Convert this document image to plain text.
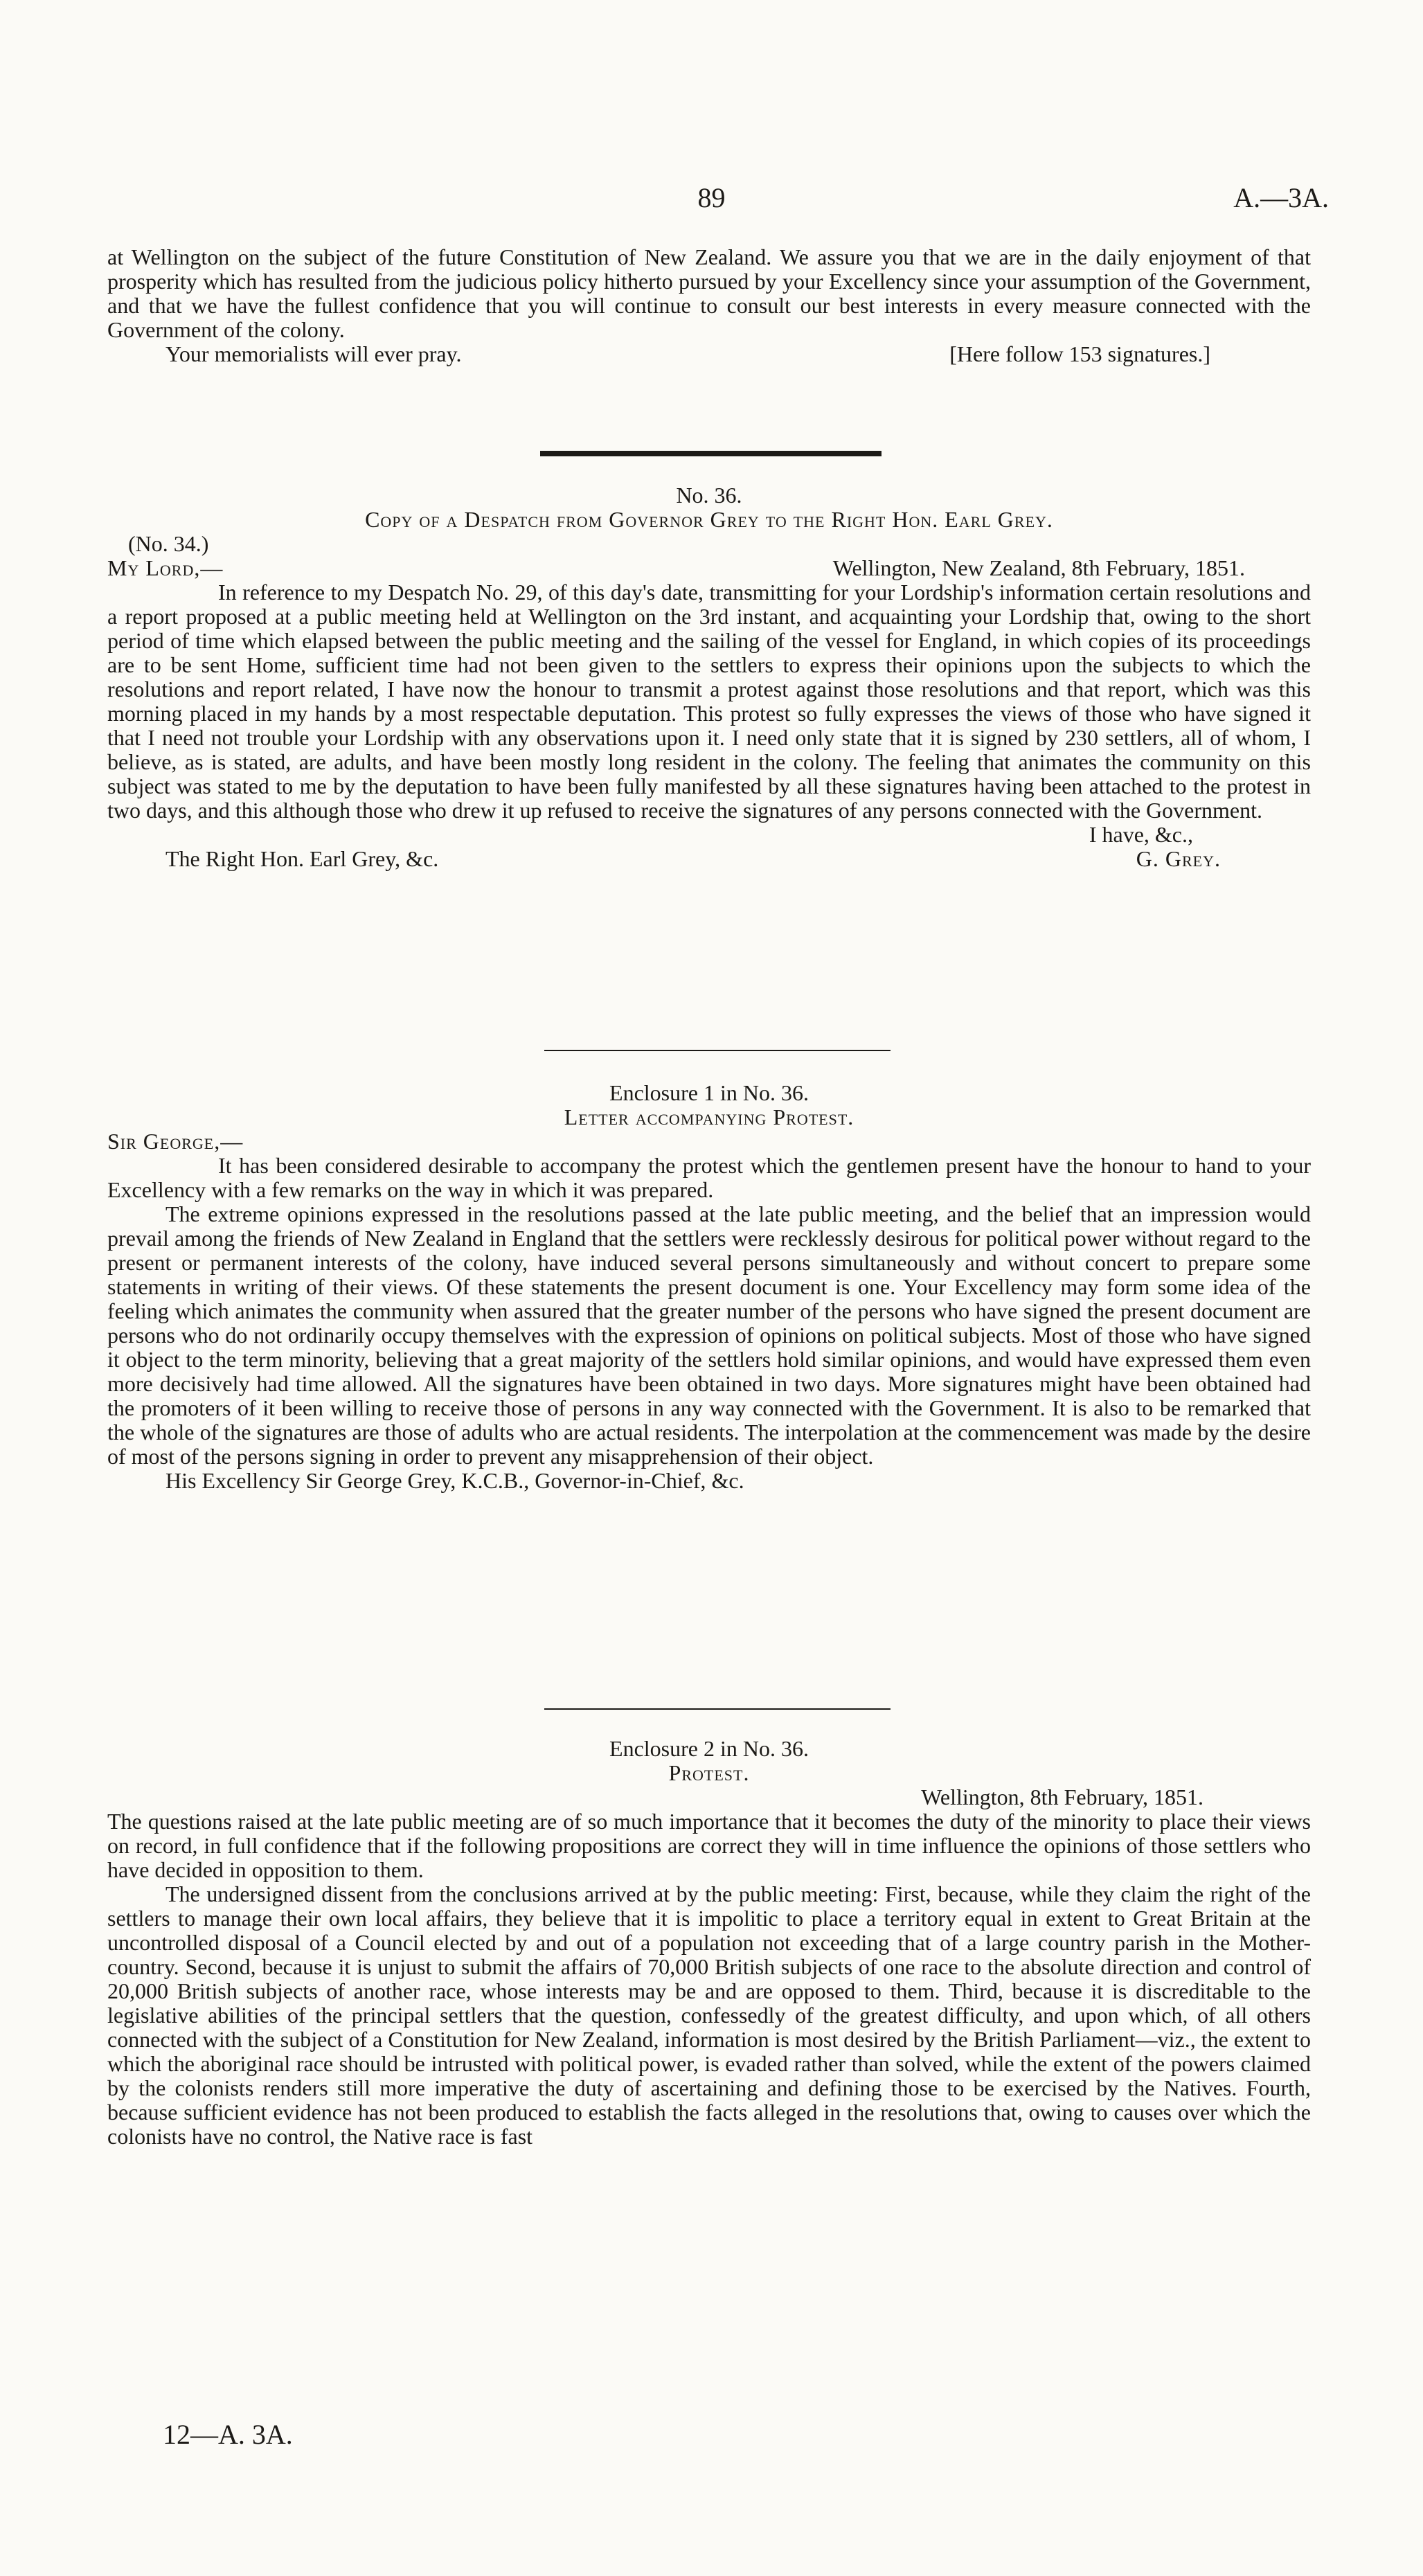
89	A.—3A.

at Wellington on the subject of the future Constitution of New Zealand. We assure you that we are in the daily enjoyment of that prosperity which has resulted from the judicious policy hitherto pursued by your Excellency since your assumption of the Government, and that we have the fullest confidence that you will continue to consult our best interests in every measure connected with the Government of the colony.

Your memorialists will ever pray.	[Here follow 153 signatures.]

No. 36.

Copy of a Despatch from Governor Grey to the Right Hon. Earl Grey.

(No. 34.)

My Lord,—	Wellington, New Zealand, 8th February, 1851.

In reference to my Despatch No. 29, of this day's date, transmitting for your Lordship's information certain resolutions and a report proposed at a public meeting held at Wellington on the 3rd instant, and acquainting your Lordship that, owing to the short period of time which elapsed between the public meeting and the sailing of the vessel for England, in which copies of its proceedings are to be sent Home, sufficient time had not been given to the settlers to express their opinions upon the subjects to which the resolutions and report related, I have now the honour to transmit a protest against those resolutions and that report, which was this morning placed in my hands by a most respectable deputation. This protest so fully expresses the views of those who have signed it that I need not trouble your Lordship with any observations upon it. I need only state that it is signed by 230 settlers, all of whom, I believe, as is stated, are adults, and have been mostly long resident in the colony. The feeling that animates the community on this subject was stated to me by the deputation to have been fully manifested by all these signatures having been attached to the protest in two days, and this although those who drew it up refused to receive the signatures of any persons connected with the Government.

I have, &c.,

The Right Hon. Earl Grey, &c.	G. Grey.

Enclosure 1 in No. 36.

Letter accompanying Protest.

Sir George,—

It has been considered desirable to accompany the protest which the gentlemen present have the honour to hand to your Excellency with a few remarks on the way in which it was prepared.

The extreme opinions expressed in the resolutions passed at the late public meeting, and the belief that an impression would prevail among the friends of New Zealand in England that the settlers were recklessly desirous for political power without regard to the present or permanent interests of the colony, have induced several persons simultaneously and without concert to prepare some statements in writing of their views. Of these statements the present document is one. Your Excellency may form some idea of the feeling which animates the community when assured that the greater number of the persons who have signed the present document are persons who do not ordinarily occupy themselves with the expression of opinions on political subjects. Most of those who have signed it object to the term minority, believing that a great majority of the settlers hold similar opinions, and would have expressed them even more decisively had time allowed. All the signatures have been obtained in two days. More signatures might have been obtained had the promoters of it been willing to receive those of persons in any way connected with the Government. It is also to be remarked that the whole of the signatures are those of adults who are actual residents. The interpolation at the commencement was made by the desire of most of the persons signing in order to prevent any misapprehension of their object.

His Excellency Sir George Grey, K.C.B., Governor-in-Chief, &c.

Enclosure 2 in No. 36.

Protest.

Wellington, 8th February, 1851.

The questions raised at the late public meeting are of so much importance that it becomes the duty of the minority to place their views on record, in full confidence that if the following propositions are correct they will in time influence the opinions of those settlers who have decided in opposition to them.

The undersigned dissent from the conclusions arrived at by the public meeting: First, because, while they claim the right of the settlers to manage their own local affairs, they believe that it is impolitic to place a territory equal in extent to Great Britain at the uncontrolled disposal of a Council elected by and out of a population not exceeding that of a large country parish in the Mother-country. Second, because it is unjust to submit the affairs of 70,000 British subjects of one race to the absolute direction and control of 20,000 British subjects of another race, whose interests may be and are opposed to them. Third, because it is discreditable to the legislative abilities of the principal settlers that the question, confessedly of the greatest difficulty, and upon which, of all others connected with the subject of a Constitution for New Zealand, information is most desired by the British Parliament—viz., the extent to which the aboriginal race should be intrusted with political power, is evaded rather than solved, while the extent of the powers claimed by the colonists renders still more imperative the duty of ascertaining and defining those to be exercised by the Natives. Fourth, because sufficient evidence has not been produced to establish the facts alleged in the resolutions that, owing to causes over which the colonists have no control, the Native race is fast

12—A. 3A.
